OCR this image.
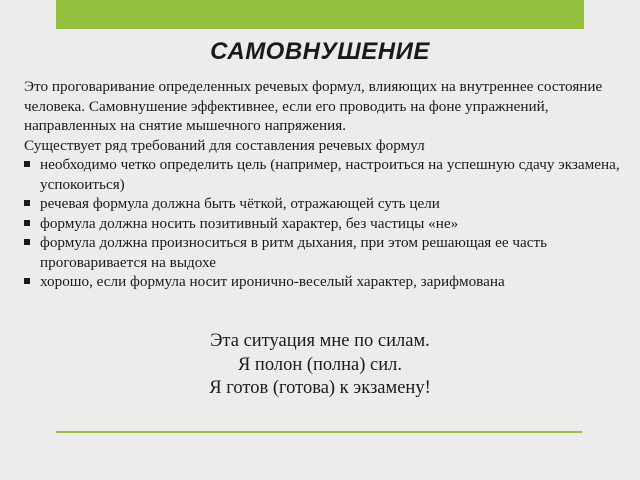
САМОВНУШЕНИЕ

Это проговаривание определенных речевых формул, влияющих на внутреннее состояние человека. Самовнушение эффективнее, если его проводить на фоне упражнений, направленных на снятие мышечного напряжения.

Существует ряд требований для составления речевых формул

необходимо четко определить цель (например, настроиться на успешную сдачу экзамена, успокоиться)
речевая формула должна быть чёткой, отражающей суть цели
формула должна носить позитивный характер, без частицы «не»
формула должна произноситься в ритм дыхания, при этом решающая ее часть проговаривается на выдохе
хорошо, если формула носит иронично-веселый характер, зарифмована
Эта ситуация мне по силам.
Я полон (полна) сил.
Я готов (готова) к экзамену!
